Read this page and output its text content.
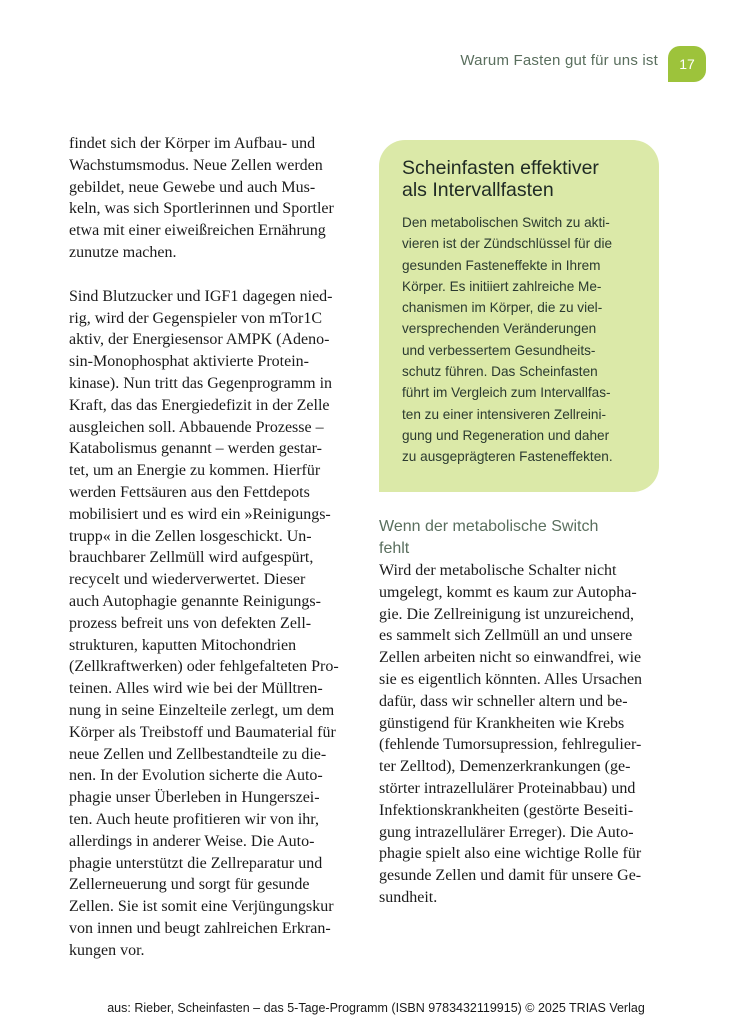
Warum Fasten gut für uns ist	17

findet sich der Körper im Aufbau- und
Wachstumsmodus. Neue Zellen werden
gebildet, neue Gewebe und auch Mus-
keln, was sich Sportlerinnen und Sportler
etwa mit einer eiweißreichen Ernährung
zunutze machen.

Sind Blutzucker und IGF1 dagegen nied-
rig, wird der Gegenspieler von mTor1C
aktiv, der Energiesensor AMPK (Adeno-
sin-Monophosphat aktivierte Protein-
kinase). Nun tritt das Gegenprogramm in
Kraft, das das Energiedefizit in der Zelle
ausgleichen soll. Abbauende Prozesse –
Katabolismus genannt – werden gestar-
tet, um an Energie zu kommen. Hierfür
werden Fettsäuren aus den Fettdepots
mobilisiert und es wird ein »Reinigungs-
trupp« in die Zellen losgeschickt. Un-
brauchbarer Zellmüll wird aufgespürt,
recycelt und wiederverwertet. Dieser
auch Autophagie genannte Reinigungs-
prozess befreit uns von defekten Zell-
strukturen, kaputten Mitochondrien
(Zellkraftwerken) oder fehlgefalteten Pro-
teinen. Alles wird wie bei der Mülltren-
nung in seine Einzelteile zerlegt, um dem
Körper als Treibstoff und Baumaterial für
neue Zellen und Zellbestandteile zu die-
nen. In der Evolution sicherte die Auto-
phagie unser Überleben in Hungerszei-
ten. Auch heute profitieren wir von ihr,
allerdings in anderer Weise. Die Auto-
phagie unterstützt die Zellreparatur und
Zellerneuerung und sorgt für gesunde
Zellen. Sie ist somit eine Verjüngungskur
von innen und beugt zahlreichen Erkran-
kungen vor.

Scheinfasten effektiver
als Intervallfasten
Den metabolischen Switch zu akti-
vieren ist der Zündschlüssel für die
gesunden Fasteneffekte in Ihrem
Körper. Es initiiert zahlreiche Me-
chanismen im Körper, die zu viel-
versprechenden Veränderungen
und verbessertem Gesundheits-
schutz führen. Das Scheinfasten
führt im Vergleich zum Intervallfas-
ten zu einer intensiveren Zellreini-
gung und Regeneration und daher
zu ausgeprägteren Fasteneffekten.
Wenn der metabolische Switch
fehlt

Wird der metabolische Schalter nicht
umgelegt, kommt es kaum zur Autopha-
gie. Die Zellreinigung ist unzureichend,
es sammelt sich Zellmüll an und unsere
Zellen arbeiten nicht so einwandfrei, wie
sie es eigentlich könnten. Alles Ursachen
dafür, dass wir schneller altern und be-
günstigend für Krankheiten wie Krebs
(fehlende Tumorsupression, fehlregulier-
ter Zelltod), Demenzerkrankungen (ge-
störter intrazellulärer Proteinabbau) und
Infektionskrankheiten (gestörte Beseiti-
gung intrazellulärer Erreger). Die Auto-
phagie spielt also eine wichtige Rolle für
gesunde Zellen und damit für unsere Ge-
sundheit.

aus: Rieber, Scheinfasten – das 5-Tage-Programm (ISBN 9783432119915) © 2025 TRIAS Verlag
